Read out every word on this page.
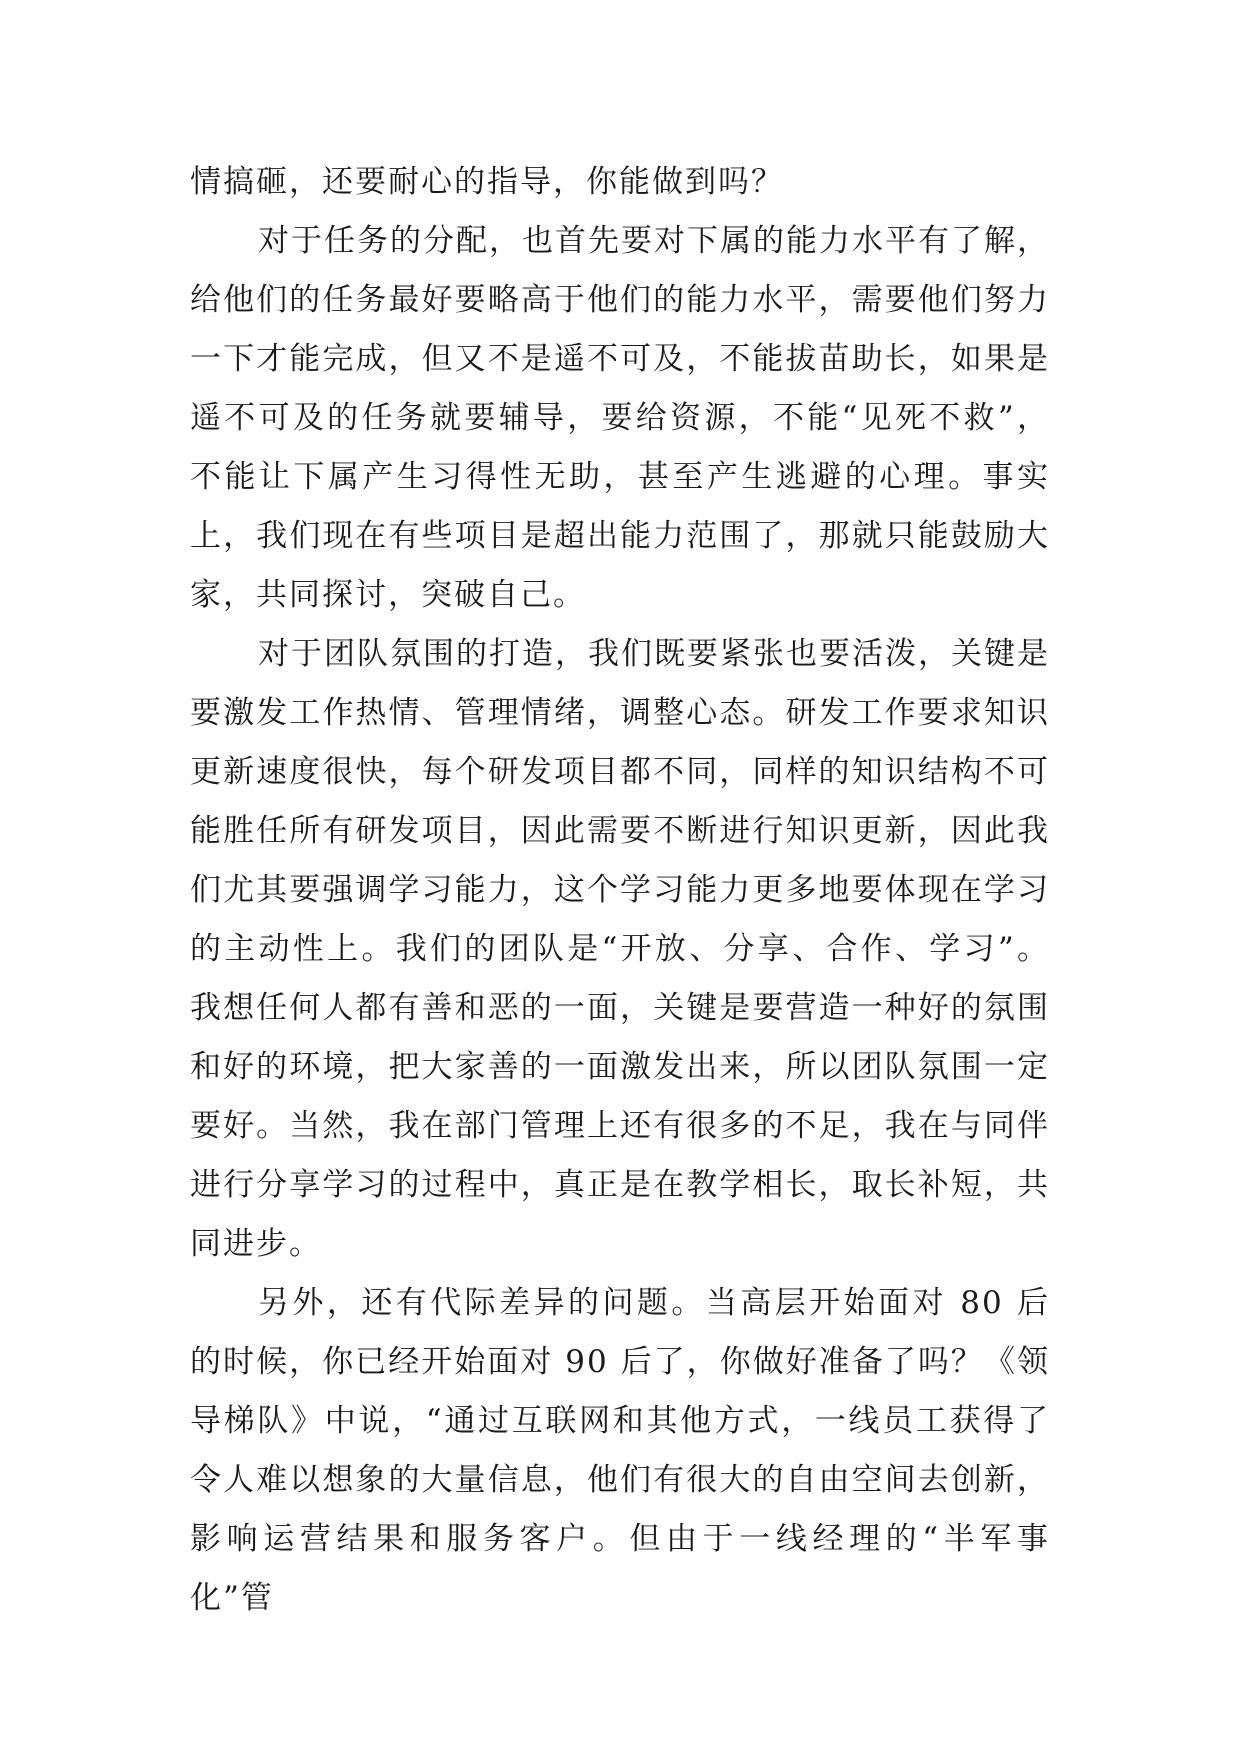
情搞砸，还要耐心的指导，你能做到吗？

对于任务的分配，也首先要对下属的能力水平有了解，给他们的任务最好要略高于他们的能力水平，需要他们努力一下才能完成，但又不是遥不可及，不能拔苗助长，如果是遥不可及的任务就要辅导，要给资源，不能“见死不救”，不能让下属产生习得性无助，甚至产生逃避的心理。事实上，我们现在有些项目是超出能力范围了，那就只能鼓励大家，共同探讨，突破自己。

对于团队氛围的打造，我们既要紧张也要活泼，关键是要激发工作热情、管理情绪，调整心态。研发工作要求知识更新速度很快，每个研发项目都不同，同样的知识结构不可能胜任所有研发项目，因此需要不断进行知识更新，因此我们尤其要强调学习能力，这个学习能力更多地要体现在学习的主动性上。我们的团队是“开放、分享、合作、学习”。我想任何人都有善和恶的一面，关键是要营造一种好的氛围和好的环境，把大家善的一面激发出来，所以团队氛围一定要好。当然，我在部门管理上还有很多的不足，我在与同伴进行分享学习的过程中，真正是在教学相长，取长补短，共同进步。

另外，还有代际差异的问题。当高层开始面对 80 后的时候，你已经开始面对 90 后了，你做好准备了吗？《领导梯队》中说，“通过互联网和其他方式，一线员工获得了令人难以想象的大量信息，他们有很大的自由空间去创新，影响运营结果和服务客户。但由于一线经理的“半军事化”管
